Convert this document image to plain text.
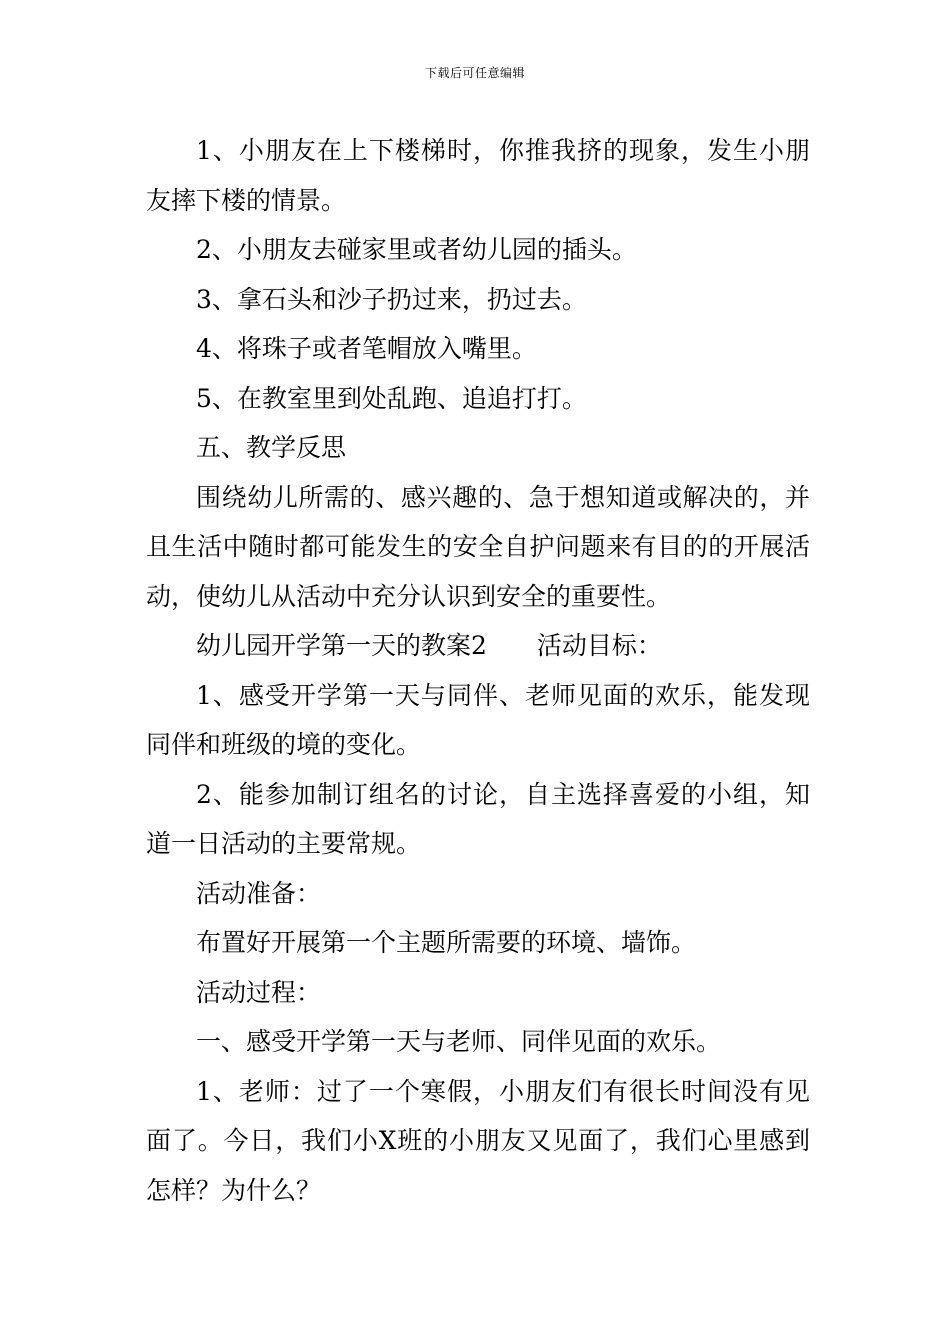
下载后可任意编辑

1、小朋友在上下楼梯时，你推我挤的现象，发生小朋友摔下楼的情景。

2、小朋友去碰家里或者幼儿园的插头。

3、拿石头和沙子扔过来，扔过去。

4、将珠子或者笔帽放入嘴里。

5、在教室里到处乱跑、追追打打。

五、教学反思

围绕幼儿所需的、感兴趣的、急于想知道或解决的，并且生活中随时都可能发生的安全自护问题来有目的的开展活动，使幼儿从活动中充分认识到安全的重要性。

幼儿园开学第一天的教案2　　活动目标：

1、感受开学第一天与同伴、老师见面的欢乐，能发现同伴和班级的境的变化。

2、能参加制订组名的讨论，自主选择喜爱的小组，知道一日活动的主要常规。

活动准备：

布置好开展第一个主题所需要的环境、墙饰。

活动过程：

一、感受开学第一天与老师、同伴见面的欢乐。

1、老师：过了一个寒假，小朋友们有很长时间没有见面了。今日，我们小X班的小朋友又见面了，我们心里感到怎样？为什么？
